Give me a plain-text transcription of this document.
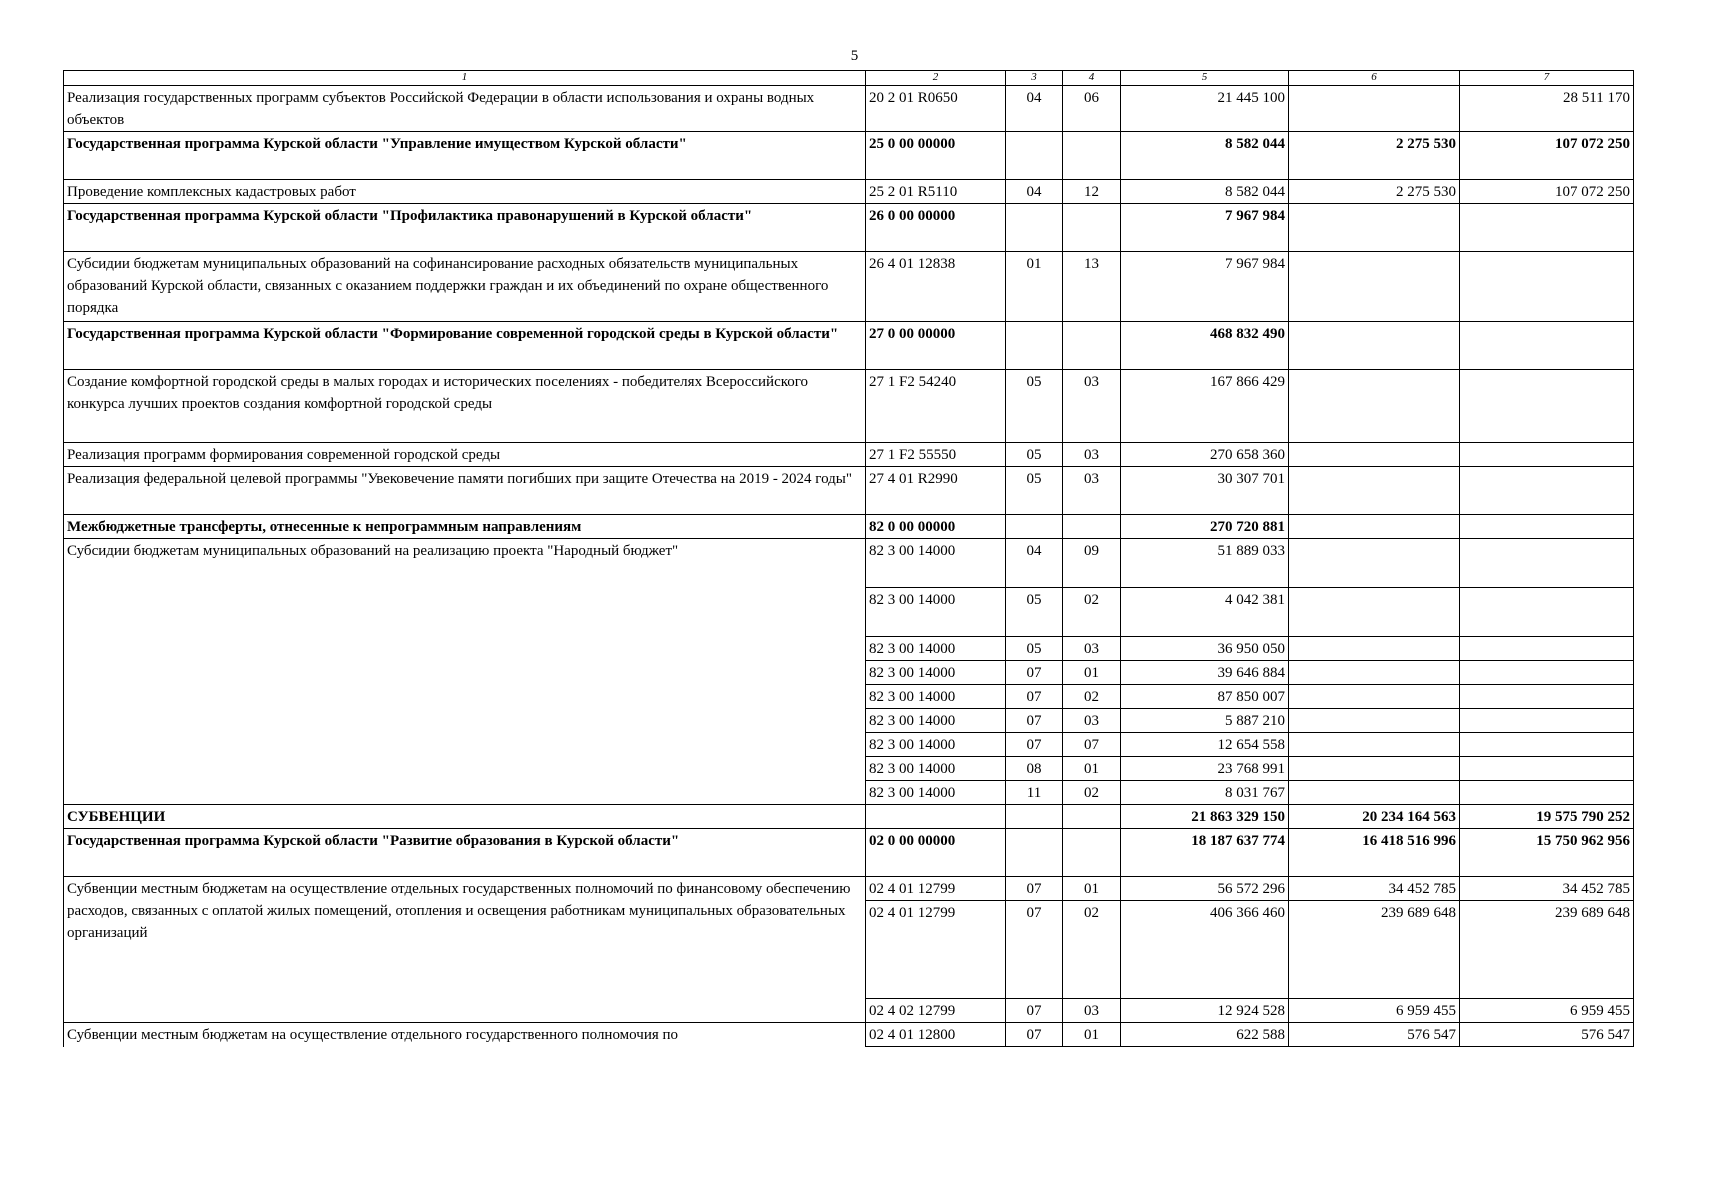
5
1	2	3	4	5	6	7
Реализация государственных программ субъектов Российской Федерации в области использования и охраны водных объектов	20 2 01 R0650	04	06	21 445 100		28 511 170
Государственная программа Курской области "Управление имуществом Курской области"	25 0 00 00000			8 582 044	2 275 530	107 072 250
Проведение комплексных кадастровых работ	25 2 01 R5110	04	12	8 582 044	2 275 530	107 072 250
Государственная программа Курской области "Профилактика правонарушений в Курской области"	26 0 00 00000			7 967 984		
Субсидии бюджетам муниципальных образований на софинансирование расходных обязательств муниципальных образований Курской области, связанных с оказанием поддержки граждан и их объединений по охране общественного порядка	26 4 01 12838	01	13	7 967 984		
Государственная программа Курской области "Формирование современной городской среды в Курской области"	27 0 00 00000			468 832 490		
Создание комфортной городской среды в малых городах и исторических поселениях - победителях Всероссийского конкурса лучших проектов создания комфортной городской среды	27 1 F2 54240	05	03	167 866 429		
Реализация программ формирования современной городской среды	27 1 F2 55550	05	03	270 658 360		
Реализация федеральной целевой программы "Увековечение памяти погибших при защите Отечества на 2019 - 2024 годы"	27 4 01 R2990	05	03	30 307 701		
Межбюджетные трансферты, отнесенные к непрограммным направлениям	82 0 00 00000			270 720 881		
Субсидии бюджетам муниципальных образований на реализацию проекта "Народный бюджет"	82 3 00 14000	04	09	51 889 033		
	82 3 00 14000	05	02	4 042 381		
	82 3 00 14000	05	03	36 950 050		
	82 3 00 14000	07	01	39 646 884		
	82 3 00 14000	07	02	87 850 007		
	82 3 00 14000	07	03	5 887 210		
	82 3 00 14000	07	07	12 654 558		
	82 3 00 14000	08	01	23 768 991		
	82 3 00 14000	11	02	8 031 767		
СУБВЕНЦИИ				21 863 329 150	20 234 164 563	19 575 790 252
Государственная программа Курской области "Развитие образования в Курской области"	02 0 00 00000			18 187 637 774	16 418 516 996	15 750 962 956
Субвенции местным бюджетам на осуществление отдельных государственных полномочий по финансовому обеспечению расходов, связанных с оплатой жилых помещений, отопления и освещения работникам муниципальных образовательных организаций	02 4 01 12799	07	01	56 572 296	34 452 785	34 452 785
	02 4 01 12799	07	02	406 366 460	239 689 648	239 689 648
	02 4 02 12799	07	03	12 924 528	6 959 455	6 959 455
Субвенции местным бюджетам на осуществление отдельного государственного полномочия по	02 4 01 12800	07	01	622 588	576 547	576 547
